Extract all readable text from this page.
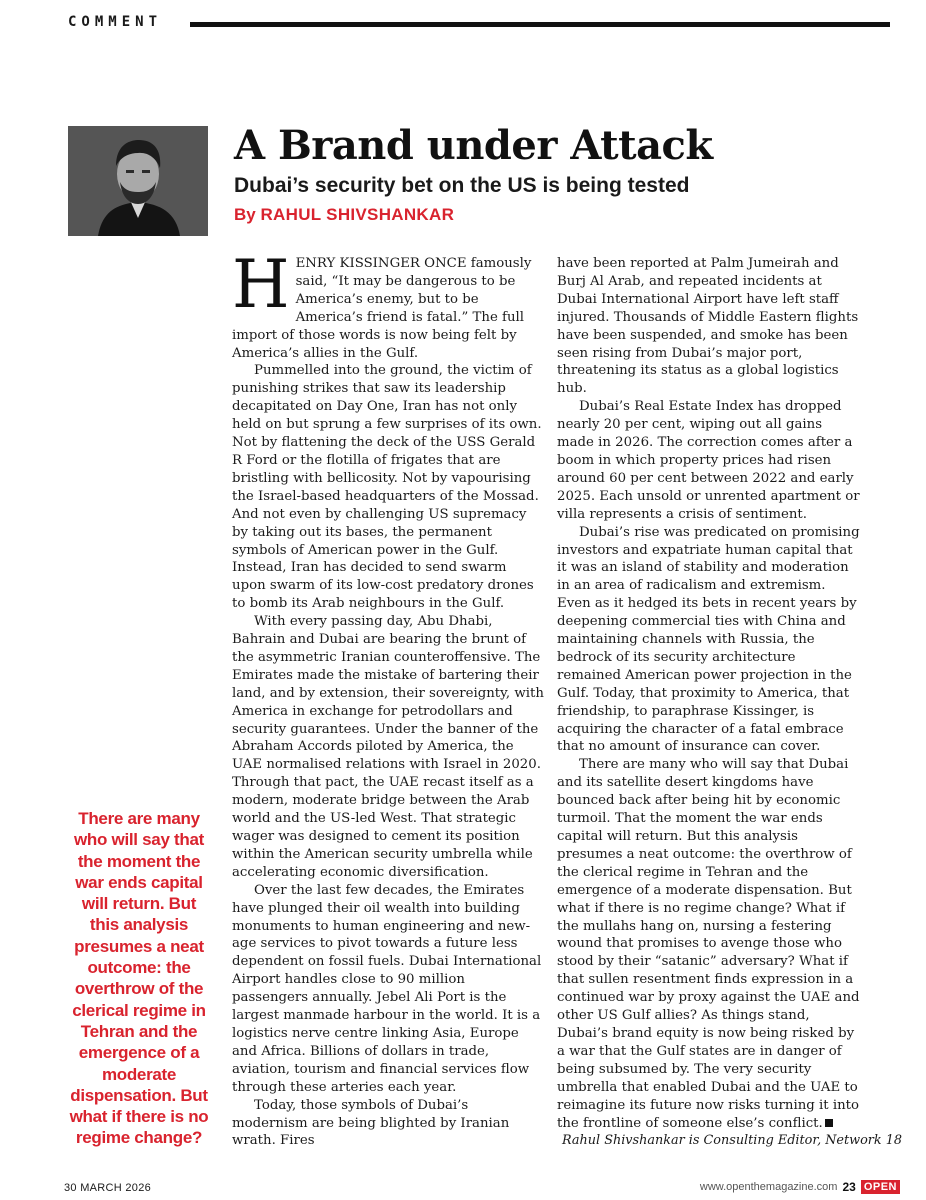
COMMENT
A Brand under Attack
Dubai’s security bet on the US is being tested
By RAHUL SHIVSHANKAR

HENRY KISSINGER ONCE famously said, “It may be dangerous to be America’s enemy, but to be America’s friend is fatal.” The full import of those words is now being felt by America’s allies in the Gulf.

Pummelled into the ground, the victim of punishing strikes that saw its leadership decapitated on Day One, Iran has not only held on but sprung a few surprises of its own. Not by flattening the deck of the USS Gerald R Ford or the flotilla of frigates that are bristling with bellicosity. Not by vapourising the Israel-based headquarters of the Mossad. And not even by challenging US supremacy by taking out its bases, the permanent symbols of American power in the Gulf. Instead, Iran has decided to send swarm upon swarm of its low-cost predatory drones to bomb its Arab neighbours in the Gulf.

With every passing day, Abu Dhabi, Bahrain and Dubai are bearing the brunt of the asymmetric Iranian counteroffensive. The Emirates made the mistake of bartering their land, and by extension, their sovereignty, with America in exchange for petrodollars and security guarantees. Under the banner of the Abraham Accords piloted by America, the UAE normalised relations with Israel in 2020. Through that pact, the UAE recast itself as a modern, moderate bridge between the Arab world and the US-led West. That strategic wager was designed to cement its position within the American security umbrella while accelerating economic diversification.

Over the last few decades, the Emirates have plunged their oil wealth into building monuments to human engineering and new-age services to pivot towards a future less dependent on fossil fuels. Dubai International Airport handles close to 90 million passengers annually. Jebel Ali Port is the largest manmade harbour in the world. It is a logistics nerve centre linking Asia, Europe and Africa. Billions of dollars in trade, aviation, tourism and financial services flow through these arteries each year.

Today, those symbols of Dubai’s modernism are being blighted by Iranian wrath. Fires

have been reported at Palm Jumeirah and Burj Al Arab, and repeated incidents at Dubai International Airport have left staff injured. Thousands of Middle Eastern flights have been suspended, and smoke has been seen rising from Dubai’s major port, threatening its status as a global logistics hub.

Dubai’s Real Estate Index has dropped nearly 20 per cent, wiping out all gains made in 2026. The correction comes after a boom in which property prices had risen around 60 per cent between 2022 and early 2025. Each unsold or unrented apartment or villa represents a crisis of sentiment.

Dubai’s rise was predicated on promising investors and expatriate human capital that it was an island of stability and moderation in an area of radicalism and extremism. Even as it hedged its bets in recent years by deepening commercial ties with China and maintaining channels with Russia, the bedrock of its security architecture remained American power projection in the Gulf. Today, that proximity to America, that friendship, to paraphrase Kissinger, is acquiring the character of a fatal embrace that no amount of insurance can cover.

There are many who will say that Dubai and its satellite desert kingdoms have bounced back after being hit by economic turmoil. That the moment the war ends capital will return. But this analysis presumes a neat outcome: the overthrow of the clerical regime in Tehran and the emergence of a moderate dispensation. But what if there is no regime change? What if the mullahs hang on, nursing a festering wound that promises to avenge those who stood by their “satanic” adversary? What if that sullen resentment finds expression in a continued war by proxy against the UAE and other US Gulf allies? As things stand, Dubai’s brand equity is now being risked by a war that the Gulf states are in danger of being subsumed by. The very security umbrella that enabled Dubai and the UAE to reimagine its future now risks turning it into the frontline of someone else’s conflict.

Rahul Shivshankar is Consulting Editor, Network 18
There are many who will say that the moment the war ends capital will return. But this analysis presumes a neat outcome: the overthrow of the clerical regime in Tehran and the emergence of a moderate dispensation. But what if there is no regime change?
30 MARCH 2026	www.openthemagazine.com 23 OPEN
